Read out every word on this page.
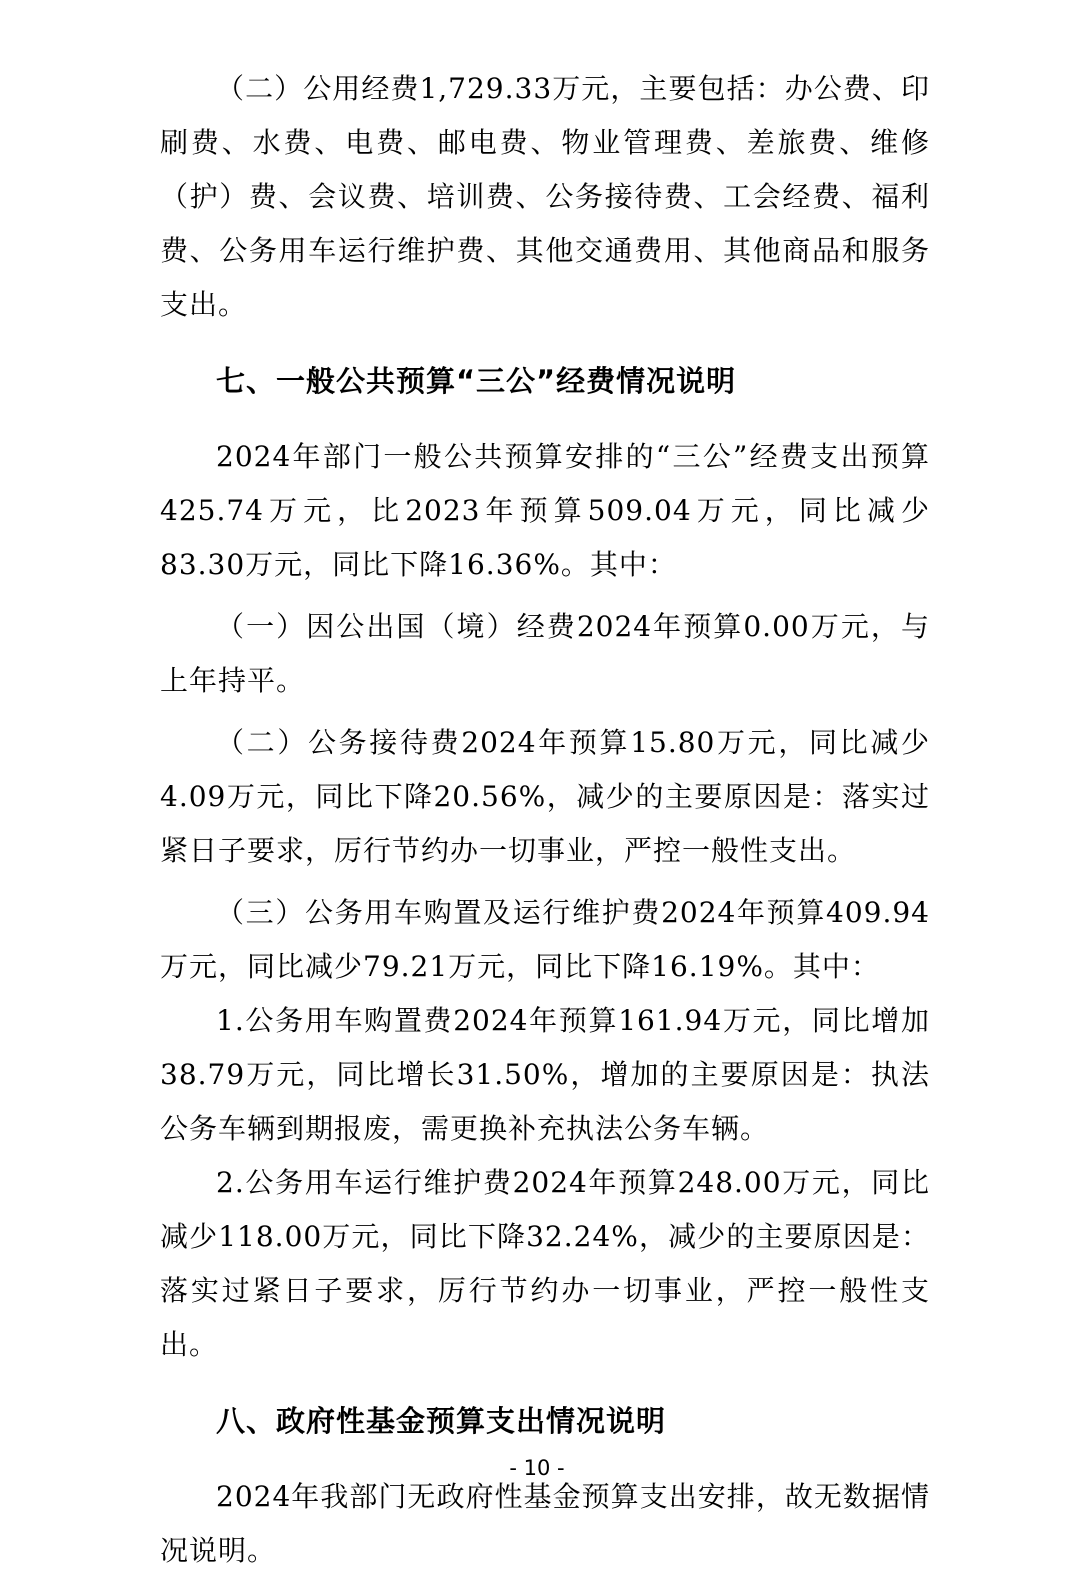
（二）公用经费1,729.33万元，主要包括：办公费、印刷费、水费、电费、邮电费、物业管理费、差旅费、维修（护）费、会议费、培训费、公务接待费、工会经费、福利费、公务用车运行维护费、其他交通费用、其他商品和服务支出。

七、一般公共预算“三公”经费情况说明

2024年部门一般公共预算安排的“三公”经费支出预算425.74万元，比2023年预算509.04万元，同比减少83.30万元，同比下降16.36%。其中：

（一）因公出国（境）经费2024年预算0.00万元，与上年持平。

（二）公务接待费2024年预算15.80万元，同比减少4.09万元，同比下降20.56%，减少的主要原因是：落实过紧日子要求，厉行节约办一切事业，严控一般性支出。

（三）公务用车购置及运行维护费2024年预算409.94万元，同比减少79.21万元，同比下降16.19%。其中：

1.公务用车购置费2024年预算161.94万元，同比增加38.79万元，同比增长31.50%，增加的主要原因是：执法公务车辆到期报废，需更换补充执法公务车辆。

2.公务用车运行维护费2024年预算248.00万元，同比减少118.00万元，同比下降32.24%，减少的主要原因是：落实过紧日子要求，厉行节约办一切事业，严控一般性支出。

八、政府性基金预算支出情况说明

2024年我部门无政府性基金预算支出安排，故无数据情况说明。

- 10 -
